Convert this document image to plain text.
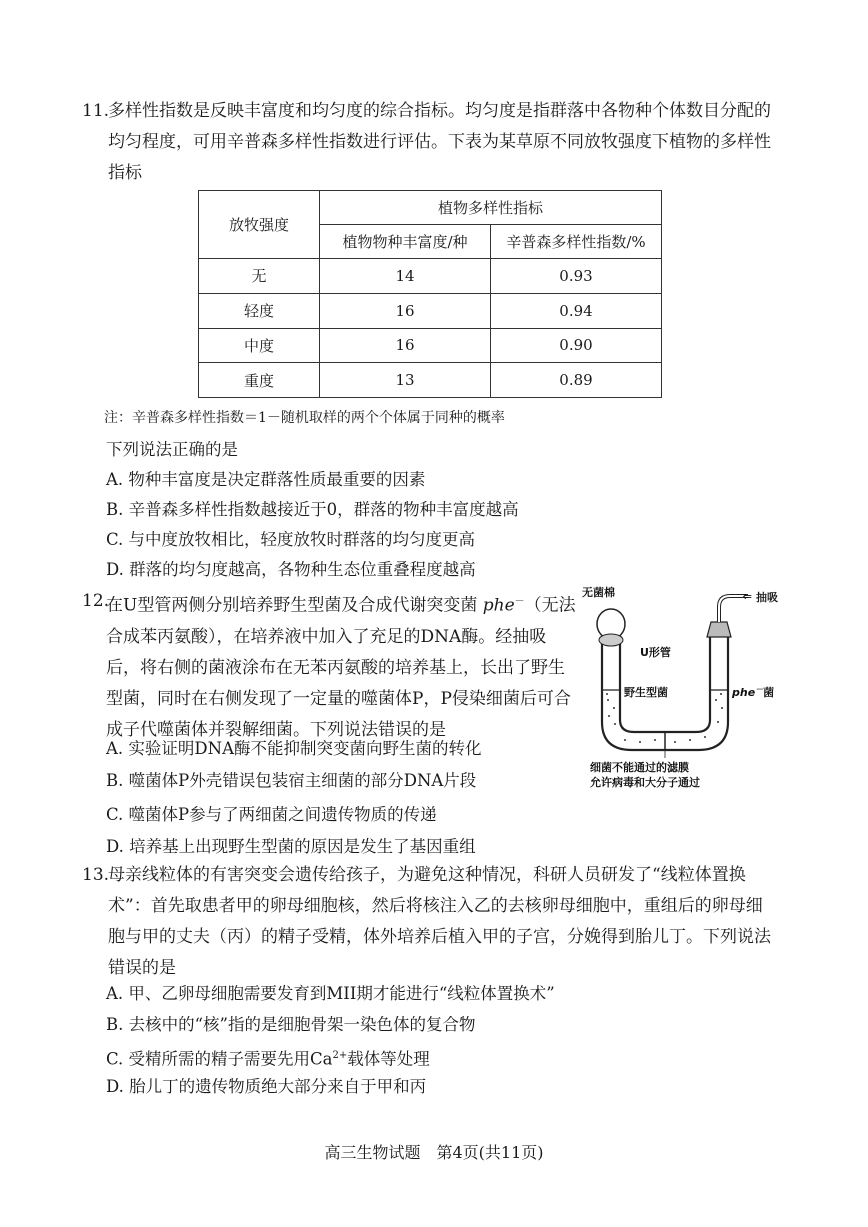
11.
多样性指数是反映丰富度和均匀度的综合指标。均匀度是指群落中各物种个体数目分配的均匀程度，可用辛普森多样性指数进行评估。下表为某草原不同放牧强度下植物的多样性指标
放牧强度	植物多样性指标	
	植物物种丰富度/种	辛普森多样性指数/%
无	14	0.93
轻度	16	0.94
中度	16	0.90
重度	13	0.89
注：辛普森多样性指数＝1－随机取样的两个个体属于同种的概率
下列说法正确的是
A. 物种丰富度是决定群落性质最重要的因素
B. 辛普森多样性指数越接近于0，群落的物种丰富度越高
C. 与中度放牧相比，轻度放牧时群落的均匀度更高
D. 群落的均匀度越高，各物种生态位重叠程度越高
12.
在U型管两侧分别培养野生型菌及合成代谢突变菌 phe－（无法合成苯丙氨酸），在培养液中加入了充足的DNA酶。经抽吸后，将右侧的菌液涂布在无苯丙氨酸的培养基上，长出了野生型菌，同时在右侧发现了一定量的噬菌体P，P侵染细菌后可合成子代噬菌体并裂解细菌。下列说法错误的是
A. 实验证明DNA酶不能抑制突变菌向野生菌的转化
B. 噬菌体P外壳错误包装宿主细菌的部分DNA片段
C. 噬菌体P参与了两细菌之间遗传物质的传递
D. 培养基上出现野生型菌的原因是发生了基因重组
无菌棉	⇐
U形管
野生型菌	phe－菌
抽吸
细菌不能通过的滤膜
允许病毒和大分子通过
13.
母亲线粒体的有害突变会遗传给孩子，为避免这种情况，科研人员研发了“线粒体置换术”：首先取患者甲的卵母细胞核，然后将核注入乙的去核卵母细胞中，重组后的卵母细胞与甲的丈夫（丙）的精子受精，体外培养后植入甲的子宫，分娩得到胎儿丁。下列说法错误的是
A. 甲、乙卵母细胞需要发育到MII期才能进行“线粒体置换术”
B. 去核中的“核”指的是细胞骨架一染色体的复合物
C. 受精所需的精子需要先用$Ca^{2+}$载体等处理
D. 胎儿丁的遗传物质绝大部分来自于甲和丙
高三生物试题　第4页(共11页)
